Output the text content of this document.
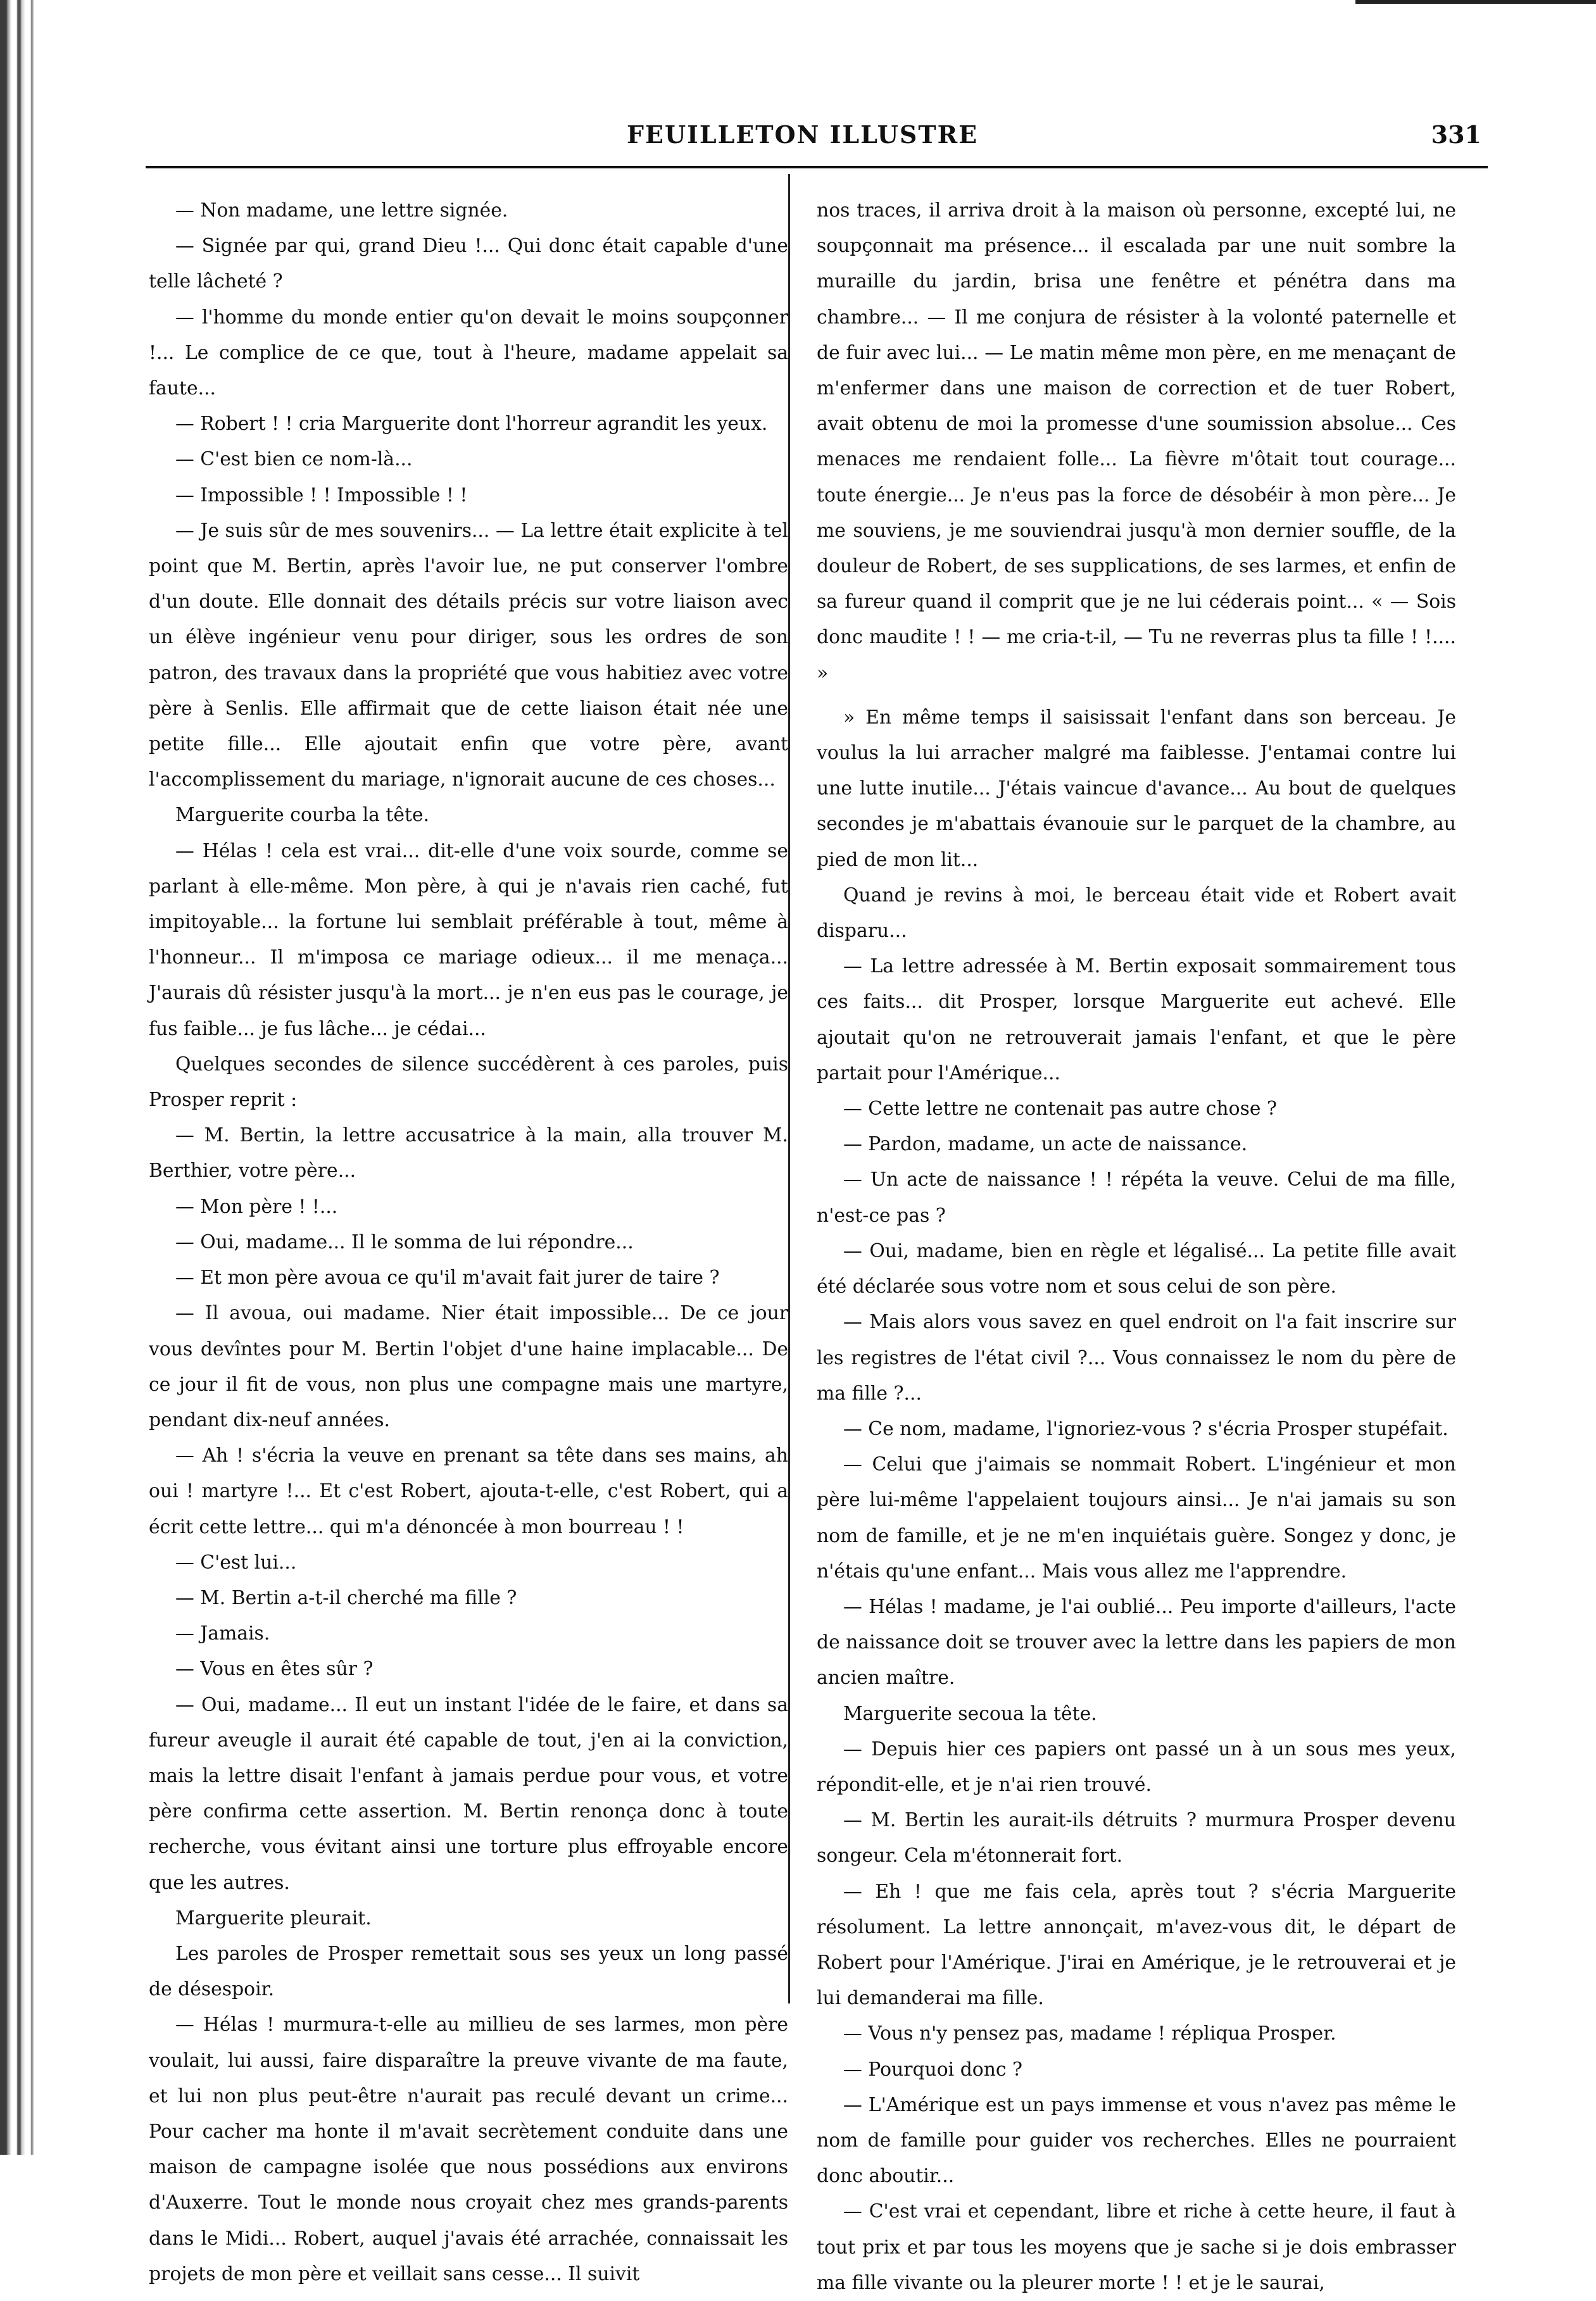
FEUILLETON ILLUSTRE	331

— Non madame, une lettre signée.

— Signée par qui, grand Dieu !... Qui donc était capable d'une telle lâcheté ?

— l'homme du monde entier qu'on devait le moins soupçonner !... Le complice de ce que, tout à l'heure, madame appelait sa faute...

— Robert ! ! cria Marguerite dont l'horreur agrandit les yeux.

— C'est bien ce nom-là...

— Impossible ! ! Impossible ! !

— Je suis sûr de mes souvenirs... — La lettre était explicite à tel point que M. Bertin, après l'avoir lue, ne put conserver l'ombre d'un doute. Elle donnait des détails précis sur votre liaison avec un élève ingénieur venu pour diriger, sous les ordres de son patron, des travaux dans la propriété que vous habitiez avec votre père à Senlis. Elle affirmait que de cette liaison était née une petite fille... Elle ajoutait enfin que votre père, avant l'accomplissement du mariage, n'ignorait aucune de ces choses...

Marguerite courba la tête.

— Hélas ! cela est vrai... dit-elle d'une voix sourde, comme se parlant à elle-même. Mon père, à qui je n'avais rien caché, fut impitoyable... la fortune lui semblait préférable à tout, même à l'honneur... Il m'imposa ce mariage odieux... il me menaça... J'aurais dû résister jusqu'à la mort... je n'en eus pas le courage, je fus faible... je fus lâche... je cédai...

Quelques secondes de silence succédèrent à ces paroles, puis Prosper reprit :

— M. Bertin, la lettre accusatrice à la main, alla trouver M. Berthier, votre père...

— Mon père ! !...

— Oui, madame... Il le somma de lui répondre...

— Et mon père avoua ce qu'il m'avait fait jurer de taire ?

— Il avoua, oui madame. Nier était impossible... De ce jour vous devîntes pour M. Bertin l'objet d'une haine implacable... De ce jour il fit de vous, non plus une compagne mais une martyre, pendant dix-neuf années.

— Ah ! s'écria la veuve en prenant sa tête dans ses mains, ah oui ! martyre !... Et c'est Robert, ajouta-t-elle, c'est Robert, qui a écrit cette lettre... qui m'a dénoncée à mon bourreau ! !

— C'est lui...

— M. Bertin a-t-il cherché ma fille ?

— Jamais.

— Vous en êtes sûr ?

— Oui, madame... Il eut un instant l'idée de le faire, et dans sa fureur aveugle il aurait été capable de tout, j'en ai la conviction, mais la lettre disait l'enfant à jamais perdue pour vous, et votre père confirma cette assertion. M. Bertin renonça donc à toute recherche, vous évitant ainsi une torture plus effroyable encore que les autres.

Marguerite pleurait.

Les paroles de Prosper remettait sous ses yeux un long passé de désespoir.

— Hélas ! murmura-t-elle au millieu de ses larmes, mon père voulait, lui aussi, faire disparaître la preuve vivante de ma faute, et lui non plus peut-être n'aurait pas reculé devant un crime... Pour cacher ma honte il m'avait secrètement conduite dans une maison de campagne isolée que nous possédions aux environs d'Auxerre. Tout le monde nous croyait chez mes grands-parents dans le Midi... Robert, auquel j'avais été arrachée, connaissait les projets de mon père et veillait sans cesse... Il suivit

nos traces, il arriva droit à la maison où personne, excepté lui, ne soupçonnait ma présence... il escalada par une nuit sombre la muraille du jardin, brisa une fenêtre et pénétra dans ma chambre... — Il me conjura de résister à la volonté paternelle et de fuir avec lui... — Le matin même mon père, en me menaçant de m'enfermer dans une maison de correction et de tuer Robert, avait obtenu de moi la promesse d'une soumission absolue... Ces menaces me rendaient folle... La fièvre m'ôtait tout courage... toute énergie... Je n'eus pas la force de désobéir à mon père... Je me souviens, je me souviendrai jusqu'à mon dernier souffle, de la douleur de Robert, de ses supplications, de ses larmes, et enfin de sa fureur quand il comprit que je ne lui céderais point... « — Sois donc maudite ! ! — me cria-t-il, — Tu ne reverras plus ta fille ! !.... »

» En même temps il saisissait l'enfant dans son berceau. Je voulus la lui arracher malgré ma faiblesse. J'entamai contre lui une lutte inutile... J'étais vaincue d'avance... Au bout de quelques secondes je m'abattais évanouie sur le parquet de la chambre, au pied de mon lit...

Quand je revins à moi, le berceau était vide et Robert avait disparu...

— La lettre adressée à M. Bertin exposait sommairement tous ces faits... dit Prosper, lorsque Marguerite eut achevé. Elle ajoutait qu'on ne retrouverait jamais l'enfant, et que le père partait pour l'Amérique...

— Cette lettre ne contenait pas autre chose ?

— Pardon, madame, un acte de naissance.

— Un acte de naissance ! ! répéta la veuve. Celui de ma fille, n'est-ce pas ?

— Oui, madame, bien en règle et légalisé... La petite fille avait été déclarée sous votre nom et sous celui de son père.

— Mais alors vous savez en quel endroit on l'a fait inscrire sur les registres de l'état civil ?... Vous connaissez le nom du père de ma fille ?...

— Ce nom, madame, l'ignoriez-vous ? s'écria Prosper stupéfait.

— Celui que j'aimais se nommait Robert. L'ingénieur et mon père lui-même l'appelaient toujours ainsi... Je n'ai jamais su son nom de famille, et je ne m'en inquiétais guère. Songez y donc, je n'étais qu'une enfant... Mais vous allez me l'apprendre.

— Hélas ! madame, je l'ai oublié... Peu importe d'ailleurs, l'acte de naissance doit se trouver avec la lettre dans les papiers de mon ancien maître.

Marguerite secoua la tête.

— Depuis hier ces papiers ont passé un à un sous mes yeux, répondit-elle, et je n'ai rien trouvé.

— M. Bertin les aurait-ils détruits ? murmura Prosper devenu songeur. Cela m'étonnerait fort.

— Eh ! que me fais cela, après tout ? s'écria Marguerite résolument. La lettre annonçait, m'avez-vous dit, le départ de Robert pour l'Amérique. J'irai en Amérique, je le retrouverai et je lui demanderai ma fille.

— Vous n'y pensez pas, madame ! répliqua Prosper.

— Pourquoi donc ?

— L'Amérique est un pays immense et vous n'avez pas même le nom de famille pour guider vos recherches. Elles ne pourraient donc aboutir...

— C'est vrai et cependant, libre et riche à cette heure, il faut à tout prix et par tous les moyens que je sache si je dois embrasser ma fille vivante ou la pleurer morte ! ! et je le saurai,
